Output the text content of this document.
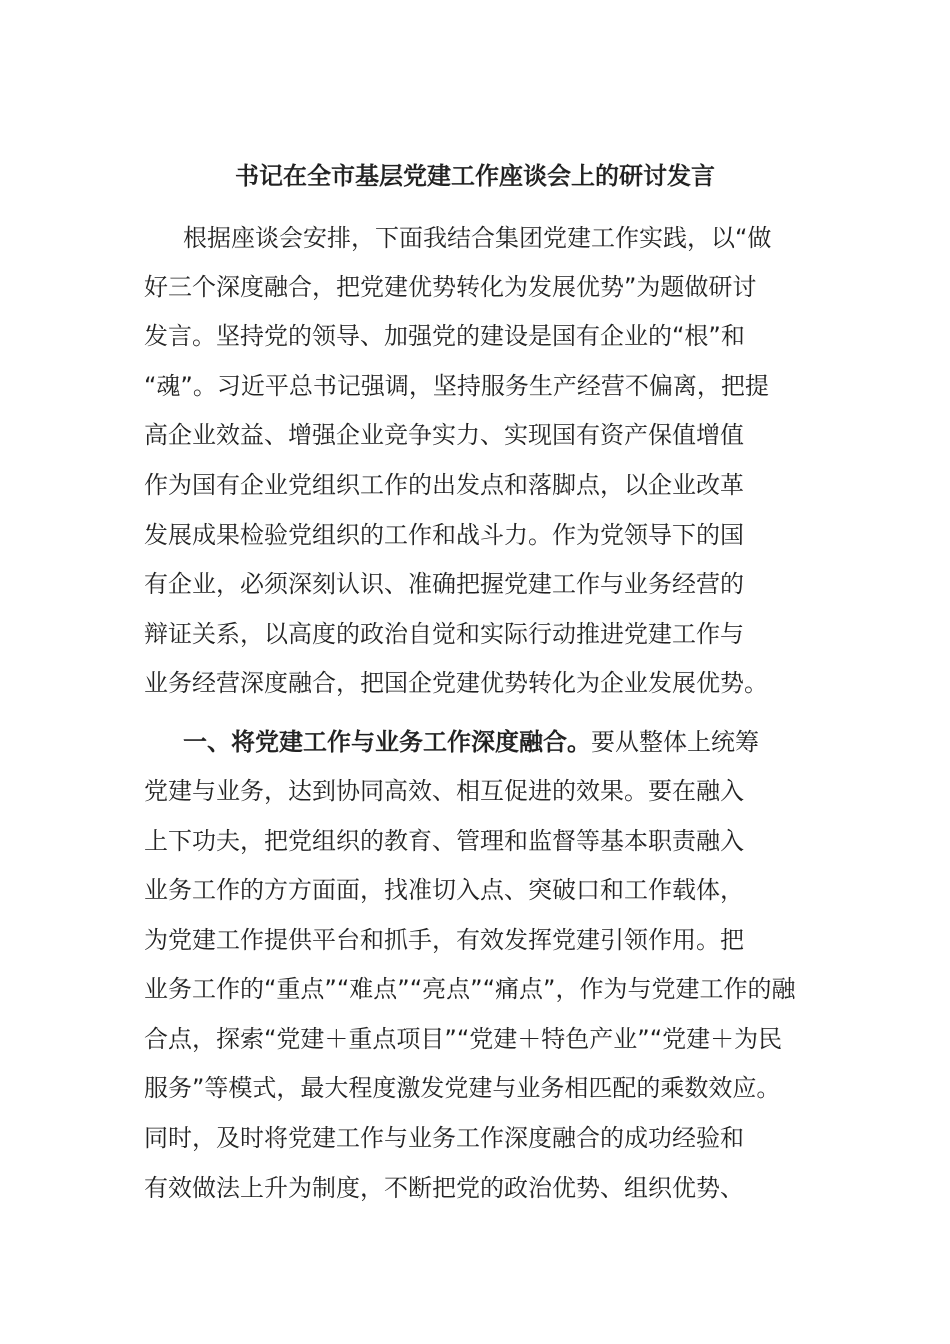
书记在全市基层党建工作座谈会上的研讨发言

根据座谈会安排，下面我结合集团党建工作实践，以“做

好三个深度融合，把党建优势转化为发展优势”为题做研讨

发言。坚持党的领导、加强党的建设是国有企业的“根”和

“魂”。习近平总书记强调，坚持服务生产经营不偏离，把提

高企业效益、增强企业竞争实力、实现国有资产保值增值

作为国有企业党组织工作的出发点和落脚点，以企业改革

发展成果检验党组织的工作和战斗力。作为党领导下的国

有企业，必须深刻认识、准确把握党建工作与业务经营的

辩证关系，以高度的政治自觉和实际行动推进党建工作与

业务经营深度融合，把国企党建优势转化为企业发展优势。

一、将党建工作与业务工作深度融合。要从整体上统筹

党建与业务，达到协同高效、相互促进的效果。要在融入

上下功夫，把党组织的教育、管理和监督等基本职责融入

业务工作的方方面面，找准切入点、突破口和工作载体，

为党建工作提供平台和抓手，有效发挥党建引领作用。把

业务工作的“重点”“难点”“亮点”“痛点”，作为与党建工作的融

合点，探索“党建＋重点项目”“党建＋特色产业”“党建＋为民

服务”等模式，最大程度激发党建与业务相匹配的乘数效应。

同时，及时将党建工作与业务工作深度融合的成功经验和

有效做法上升为制度，不断把党的政治优势、组织优势、
